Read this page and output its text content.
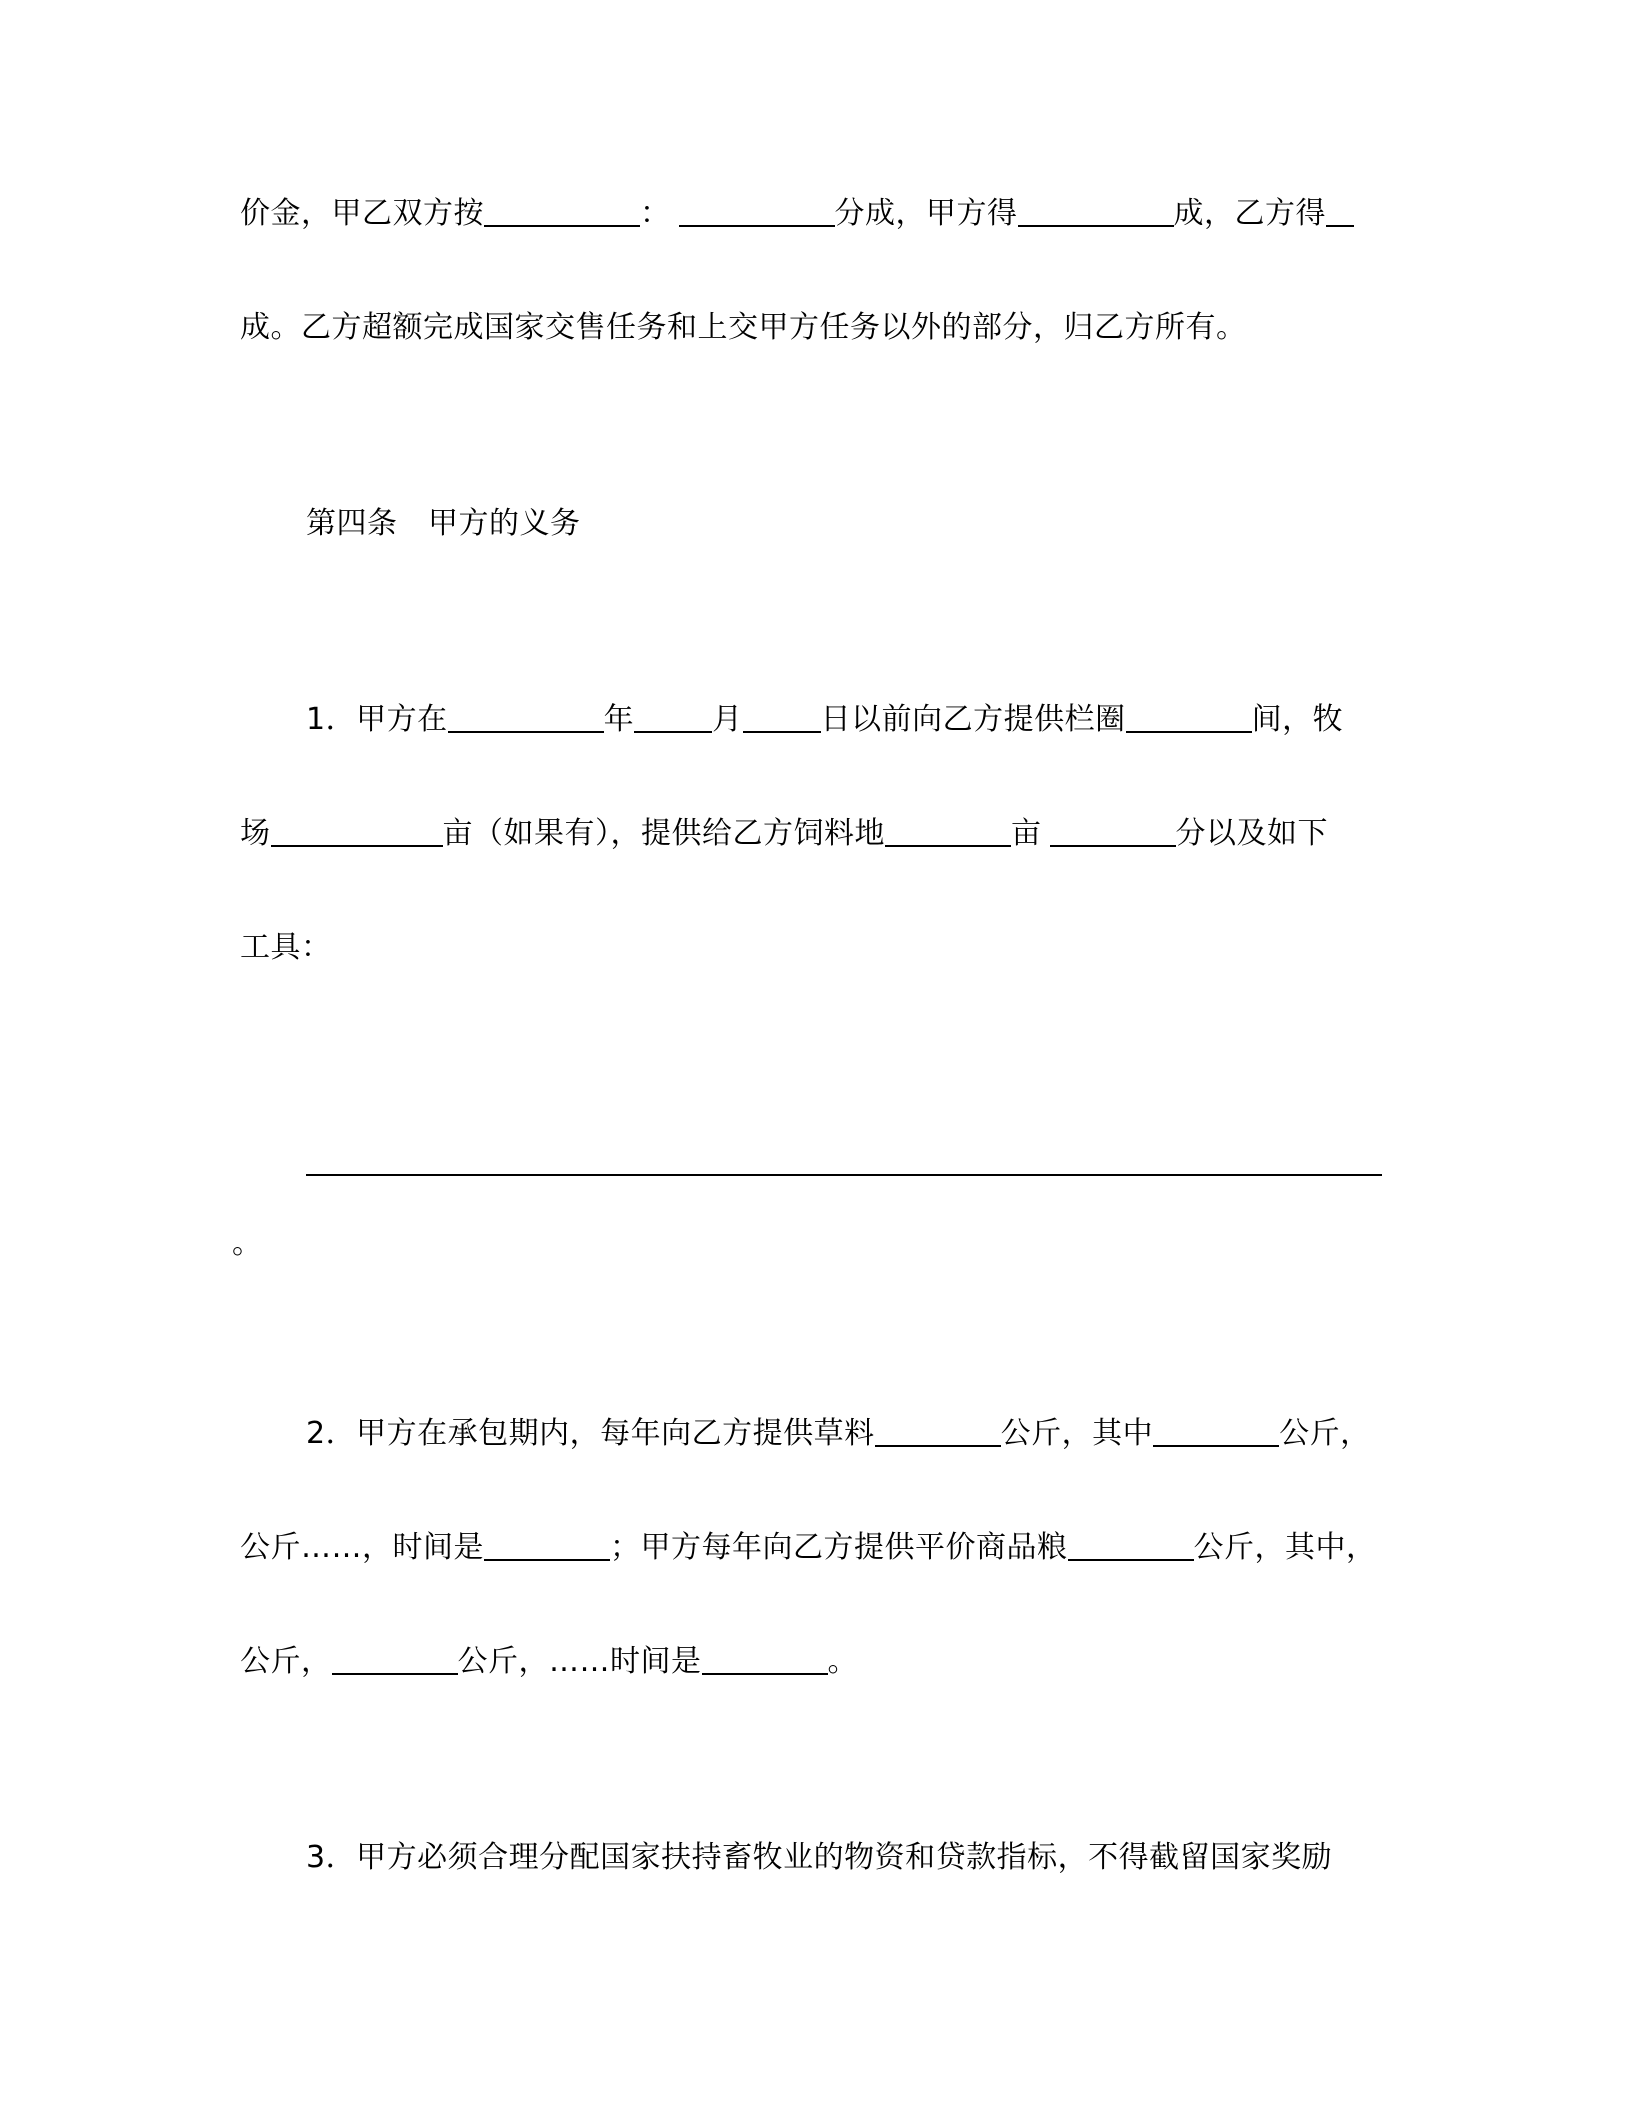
价金，甲乙双方按	：	分成，甲方得	成，乙方得
成。乙方超额完成国家交售任务和上交甲方任务以外的部分，归乙方所有。
第四条　甲方的义务
1．甲方在	年	月	日以前向乙方提供栏圈	间，牧
场	亩（如果有），提供给乙方饲料地	亩	分以及如下
工具：
。
2．甲方在承包期内，每年向乙方提供草料	公斤，其中	公斤，
公斤……，时间是	；甲方每年向乙方提供平价商品粮	公斤，其中，
公斤，	公斤，……时间是	。
3．甲方必须合理分配国家扶持畜牧业的物资和贷款指标，不得截留国家奖励
